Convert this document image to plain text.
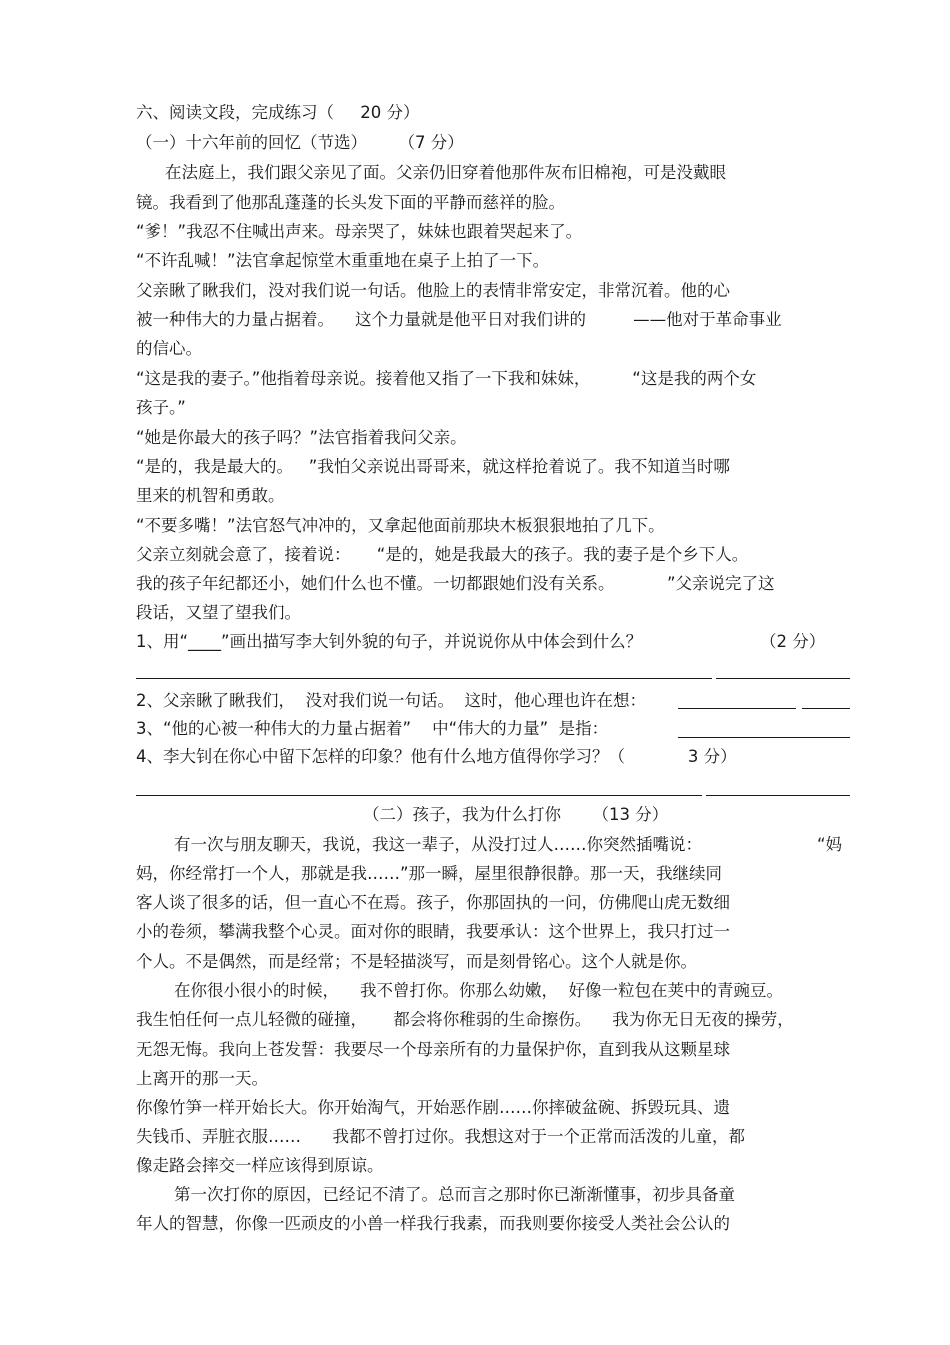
六、阅读文段，完成练习（     20 分）
（一）十六年前的回忆（节选）      （7 分）
在法庭上，我们跟父亲见了面。父亲仍旧穿着他那件灰布旧棉袍，可是没戴眼
镜。我看到了他那乱蓬蓬的长头发下面的平静而慈祥的脸。
“爹！”我忍不住喊出声来。母亲哭了，妹妹也跟着哭起来了。
“不许乱喊！”法官拿起惊堂木重重地在桌子上拍了一下。
父亲瞅了瞅我们，没对我们说一句话。他脸上的表情非常安定，非常沉着。他的心
被一种伟大的力量占据着。    这个力量就是他平日对我们讲的         ——他对于革命事业
的信心。
“这是我的妻子。”他指着母亲说。接着他又指了一下我和妹妹，        “这是我的两个女
孩子。”
“她是你最大的孩子吗？”法官指着我问父亲。
“是的，我是最大的。   ”我怕父亲说出哥哥来，就这样抢着说了。我不知道当时哪
里来的机智和勇敢。
“不要多嘴！”法官怒气冲冲的，又拿起他面前那块木板狠狠地拍了几下。
父亲立刻就会意了，接着说：     “是的，她是我最大的孩子。我的妻子是个乡下人。
我的孩子年纪都还小，她们什么也不懂。一切都跟她们没有关系。          ”父亲说完了这
段话，又望了望我们。
1、用“____”画出描写李大钊外貌的句子，并说说你从中体会到什么？	（2 分）
2、父亲瞅了瞅我们，  没对我们说一句话。  这时，他心理也许在想：
3、“他的心被一种伟大的力量占据着”    中“伟大的力量”  是指：
4、李大钊在你心中留下怎样的印象？他有什么地方值得你学习？（            3 分）
（二）孩子，我为什么打你      （13 分）
有一次与朋友聊天，我说，我这一辈子，从没打过人……你突然插嘴说：	“妈
妈，你经常打一个人，那就是我……”那一瞬，屋里很静很静。那一天，我继续同
客人谈了很多的话，但一直心不在焉。孩子，你那固执的一问，仿佛爬山虎无数细
小的卷须，攀满我整个心灵。面对你的眼睛，我要承认：这个世界上，我只打过一
个人。不是偶然，而是经常；不是轻描淡写，而是刻骨铭心。这个人就是你。
在你很小很小的时候，    我不曾打你。你那么幼嫩，  好像一粒包在荚中的青豌豆。
我生怕任何一点儿轻微的碰撞，     都会将你稚弱的生命擦伤。    我为你无日无夜的操劳，
无怨无悔。我向上苍发誓：我要尽一个母亲所有的力量保护你，直到我从这颗星球
上离开的那一天。
你像竹笋一样开始长大。你开始淘气，开始恶作剧……你摔破盆碗、拆毁玩具、遗
失钱币、弄脏衣服……      我都不曾打过你。我想这对于一个正常而活泼的儿童，都
像走路会摔交一样应该得到原谅。
第一次打你的原因，已经记不清了。总而言之那时你已渐渐懂事，初步具备童
年人的智慧，你像一匹顽皮的小兽一样我行我素，而我则要你接受人类社会公认的
